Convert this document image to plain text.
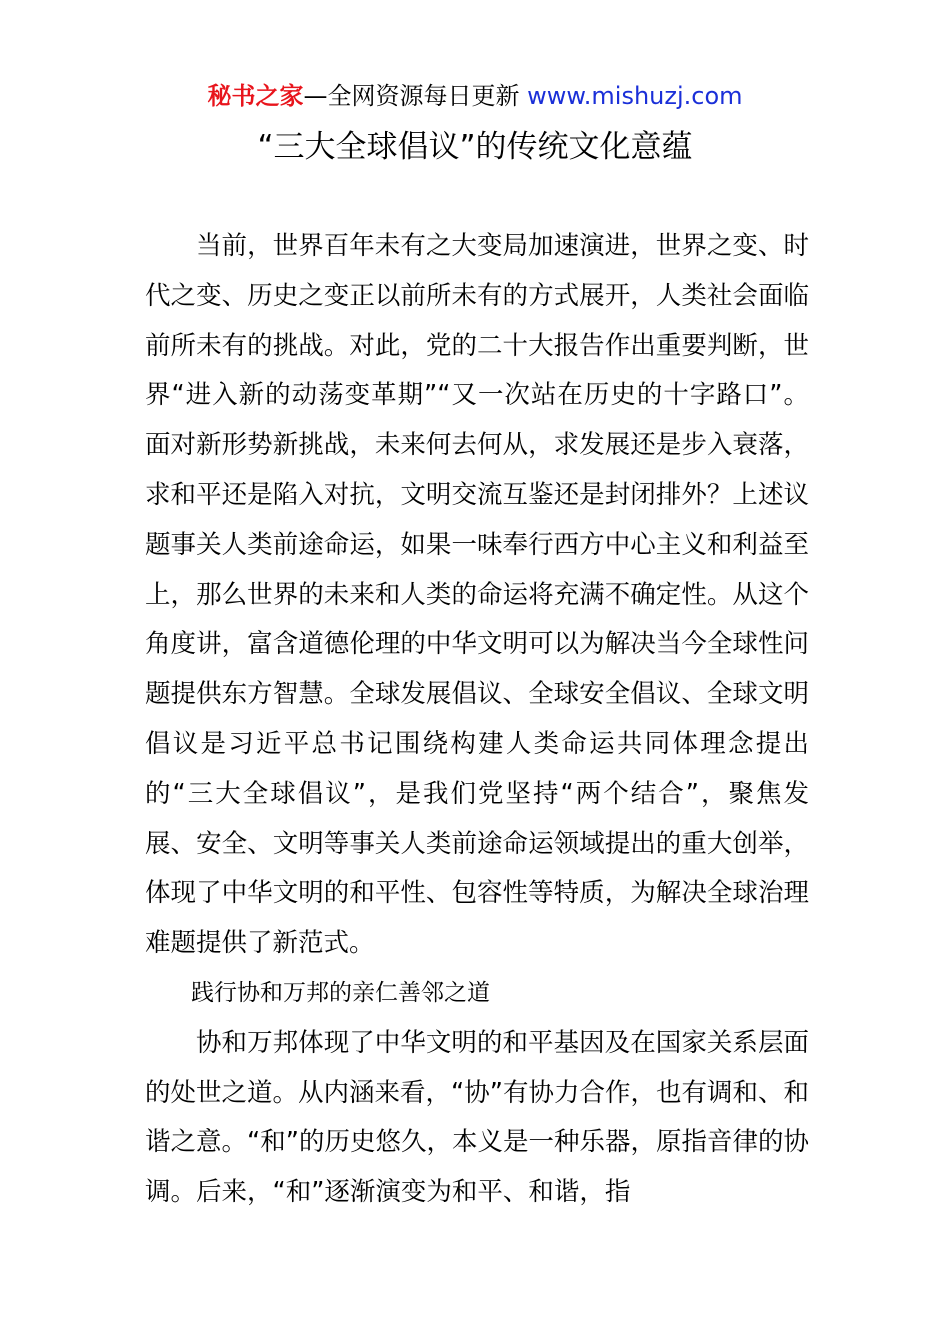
秘书之家—全网资源每日更新 www.mishuzj.com
“三大全球倡议”的传统文化意蕴

当前，世界百年未有之大变局加速演进，世界之变、时代之变、历史之变正以前所未有的方式展开，人类社会面临前所未有的挑战。对此，党的二十大报告作出重要判断，世界“进入新的动荡变革期”“又一次站在历史的十字路口”。面对新形势新挑战，未来何去何从，求发展还是步入衰落，求和平还是陷入对抗，文明交流互鉴还是封闭排外？上述议题事关人类前途命运，如果一味奉行西方中心主义和利益至上，那么世界的未来和人类的命运将充满不确定性。从这个角度讲，富含道德伦理的中华文明可以为解决当今全球性问题提供东方智慧。全球发展倡议、全球安全倡议、全球文明倡议是习近平总书记围绕构建人类命运共同体理念提出的“三大全球倡议”，是我们党坚持“两个结合”，聚焦发展、安全、文明等事关人类前途命运领域提出的重大创举，体现了中华文明的和平性、包容性等特质，为解决全球治理难题提供了新范式。

践行协和万邦的亲仁善邻之道

协和万邦体现了中华文明的和平基因及在国家关系层面的处世之道。从内涵来看，“协”有协力合作，也有调和、和谐之意。“和”的历史悠久，本义是一种乐器，原指音律的协调。后来，“和”逐渐演变为和平、和谐，指
